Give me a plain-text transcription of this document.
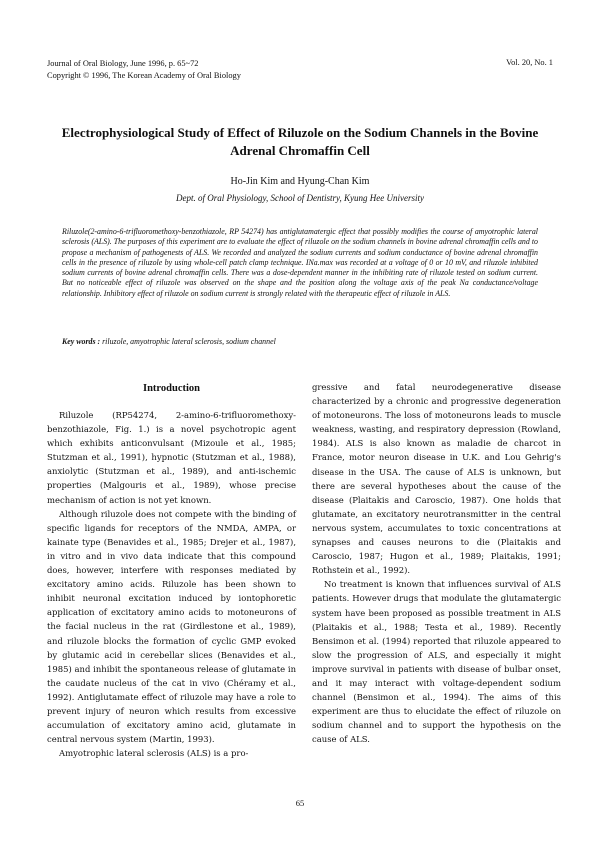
Journal of Oral Biology, June 1996, p. 65~72
Copyright © 1996, The Korean Academy of Oral Biology
Vol. 20, No. 1
Electrophysiological Study of Effect of Riluzole on the Sodium Channels in the Bovine Adrenal Chromaffin Cell
Ho-Jin Kim and Hyung-Chan Kim
Dept. of Oral Physiology, School of Dentistry, Kyung Hee University

Riluzole(2-amino-6-trifluoromethoxy-benzothiazole, RP 54274) has antiglutamatergic effect that possibly modifies the course of amyotrophic lateral sclerosis (ALS). The purposes of this experiment are to evaluate the effect of riluzole on the sodium channels in bovine adrenal chromaffin cells and to propose a mechanism of pathogenests of ALS. We recorded and analyzed the sodium currents and sodium conductance of bovine adrenal chromaffin cells in the presence of riluzole by using whole-cell patch clamp technique. INa.max was recorded at a voltage of 0 or 10 mV, and riluzole inhibited sodium currents of bovine adrenal chromaffin cells. There was a dose-dependent manner in the inhibiting rate of riluzole tested on sodium current. But no noticeable effect of riluzole was observed on the shape and the position along the voltage axis of the peak Na conductance/voltage relationship. Inhibitory effect of riluzole on sodium current is strongly related with the therapeutic effect of riluzole in ALS.

Key words : riluzole, amyotrophic lateral sclerosis, sodium channel
Introduction

Riluzole (RP54274, 2-amino-6-trifluoromethoxy-benzothiazole, Fig. 1.) is a novel psychotropic agent which exhibits anticonvulsant (Mizoule et al., 1985; Stutzman et al., 1991), hypnotic (Stutzman et al., 1988), anxiolytic (Stutzman et al., 1989), and anti-ischemic properties (Malgouris et al., 1989), whose precise mechanism of action is not yet known.

Although riluzole does not compete with the binding of specific ligands for receptors of the NMDA, AMPA, or kainate type (Benavides et al., 1985; Drejer et al., 1987), in vitro and in vivo data indicate that this compound does, however, interfere with responses mediated by excitatory amino acids. Riluzole has been shown to inhibit neuronal excitation induced by iontophoretic application of excitatory amino acids to motoneurons of the facial nucleus in the rat (Girdlestone et al., 1989), and riluzole blocks the formation of cyclic GMP evoked by glutamic acid in cerebellar slices (Benavides et al., 1985) and inhibit the spontaneous release of glutamate in the caudate nucleus of the cat in vivo (Chéramy et al., 1992). Antiglutamate effect of riluzole may have a role to prevent injury of neuron which results from excessive accumulation of excitatory amino acid, glutamate in central nervous system (Martin, 1993).

Amyotrophic lateral sclerosis (ALS) is a pro-

gressive and fatal neurodegenerative disease characterized by a chronic and progressive degeneration of motoneurons. The loss of motoneurons leads to muscle weakness, wasting, and respiratory depression (Rowland, 1984). ALS is also known as maladie de charcot in France, motor neuron disease in U.K. and Lou Gehrig's disease in the USA. The cause of ALS is unknown, but there are several hypotheses about the cause of the disease (Plaitakis and Caroscio, 1987). One holds that glutamate, an excitatory neurotransmitter in the central nervous system, accumulates to toxic concentrations at synapses and causes neurons to die (Plaitakis and Caroscio, 1987; Hugon et al., 1989; Plaitakis, 1991; Rothstein et al., 1992).

No treatment is known that influences survival of ALS patients. However drugs that modulate the glutamatergic system have been proposed as possible treatment in ALS (Plaitakis et al., 1988; Testa et al., 1989). Recently Bensimon et al. (1994) reported that riluzole appeared to slow the progression of ALS, and especially it might improve survival in patients with disease of bulbar onset, and it may interact with voltage-dependent sodium channel (Bensimon et al., 1994). The aims of this experiment are thus to elucidate the effect of riluzole on sodium channel and to support the hypothesis on the cause of ALS.

65
